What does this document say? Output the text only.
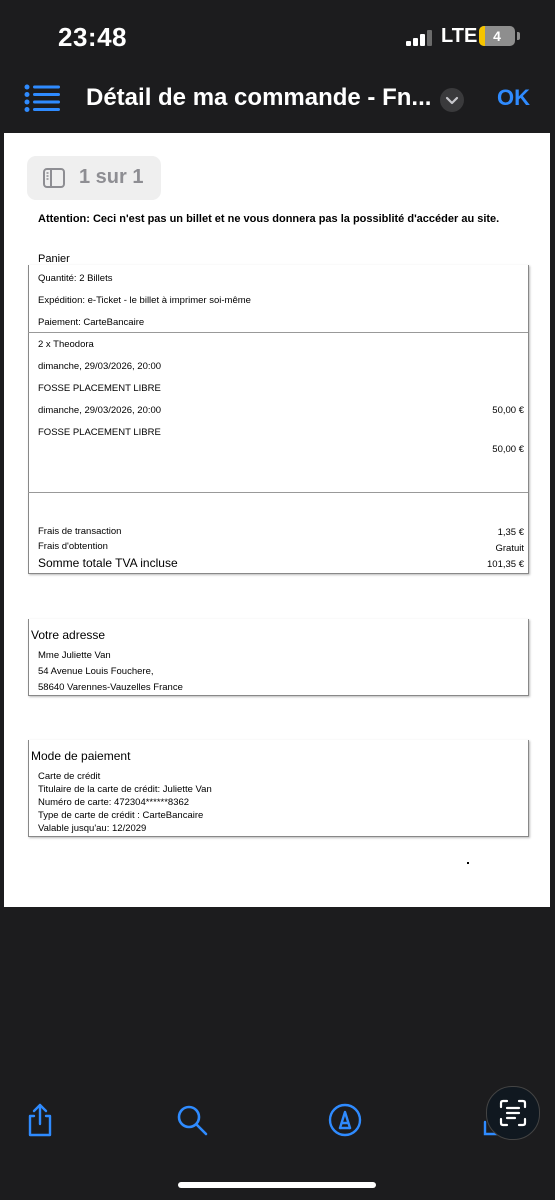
23:48	LTE	4
Détail de ma commande - Fn...	OK
1 sur 1
Attention: Ceci n'est pas un billet et ne vous donnera pas la possiblité d'accéder au site.
Panier
Quantité: 2 Billets
Expédition: e-Ticket - le billet à imprimer soi-même
Paiement: CarteBancaire
2 x Theodora
dimanche, 29/03/2026, 20:00
FOSSE PLACEMENT LIBRE
dimanche, 29/03/2026, 20:00	50,00 €
FOSSE PLACEMENT LIBRE
50,00 €
Frais de transaction	1,35 €
Frais d'obtention	Gratuit
Somme totale TVA incluse	101,35 €
Votre adresse
Mme Juliette Van
54 Avenue Louis Fouchere,
58640 Varennes-Vauzelles France
Mode de paiement
Carte de crédit
Titulaire de la carte de crédit: Juliette Van
Numéro de carte: 472304******8362
Type de carte de crédit : CarteBancaire
Valable jusqu'au: 12/2029
